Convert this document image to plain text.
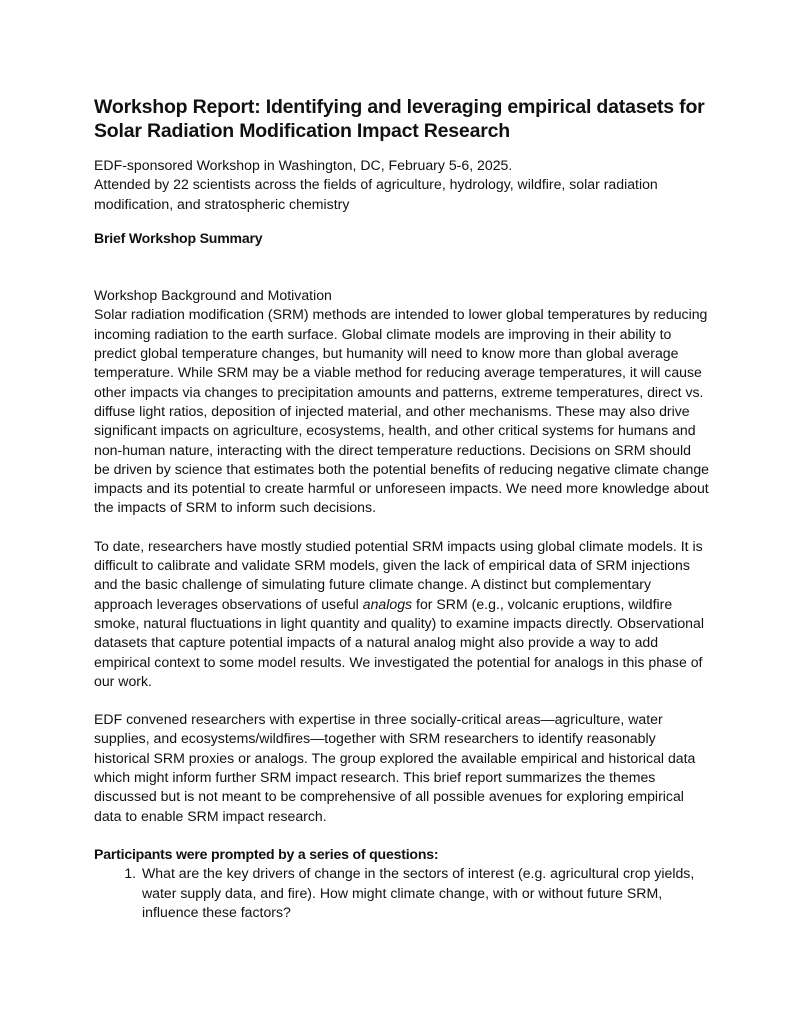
Workshop Report: Identifying and leveraging empirical datasets for Solar Radiation Modification Impact Research

EDF-sponsored Workshop in Washington, DC, February 5-6, 2025.

Attended by 22 scientists across the fields of agriculture, hydrology, wildfire, solar radiation modification, and stratospheric chemistry

Brief Workshop Summary

Workshop Background and Motivation

Solar radiation modification (SRM) methods are intended to lower global temperatures by reducing incoming radiation to the earth surface. Global climate models are improving in their ability to predict global temperature changes, but humanity will need to know more than global average temperature. While SRM may be a viable method for reducing average temperatures, it will cause other impacts via changes to precipitation amounts and patterns, extreme temperatures, direct vs. diffuse light ratios, deposition of injected material, and other mechanisms. These may also drive significant impacts on agriculture, ecosystems, health, and other critical systems for humans and non-human nature, interacting with the direct temperature reductions. Decisions on SRM should be driven by science that estimates both the potential benefits of reducing negative climate change impacts and its potential to create harmful or unforeseen impacts. We need more knowledge about the impacts of SRM to inform such decisions.

To date, researchers have mostly studied potential SRM impacts using global climate models. It is difficult to calibrate and validate SRM models, given the lack of empirical data of SRM injections and the basic challenge of simulating future climate change. A distinct but complementary approach leverages observations of useful analogs for SRM (e.g., volcanic eruptions, wildfire smoke, natural fluctuations in light quantity and quality) to examine impacts directly. Observational datasets that capture potential impacts of a natural analog might also provide a way to add empirical context to some model results. We investigated the potential for analogs in this phase of our work.

EDF convened researchers with expertise in three socially-critical areas—agriculture, water supplies, and ecosystems/wildfires—together with SRM researchers to identify reasonably historical SRM proxies or analogs. The group explored the available empirical and historical data which might inform further SRM impact research. This brief report summarizes the themes discussed but is not meant to be comprehensive of all possible avenues for exploring empirical data to enable SRM impact research.

Participants were prompted by a series of questions:

1. What are the key drivers of change in the sectors of interest (e.g. agricultural crop yields, water supply data, and fire). How might climate change, with or without future SRM, influence these factors?
